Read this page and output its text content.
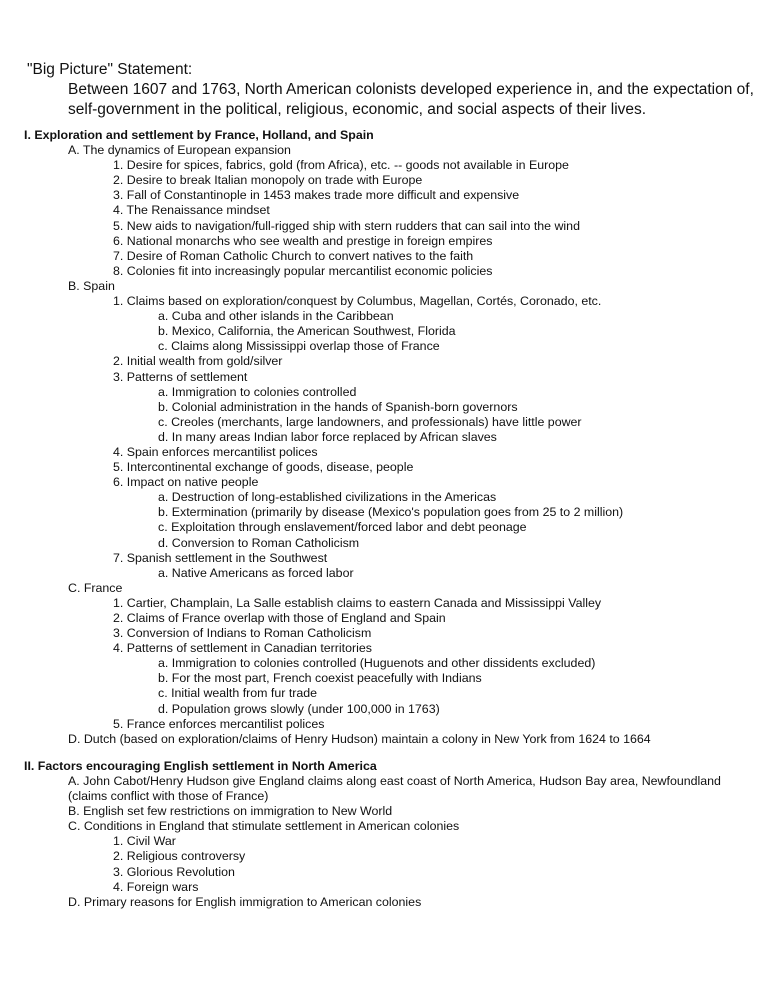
"Big Picture" Statement:
Between 1607 and 1763, North American colonists developed experience in, and the expectation of, self-government in the political, religious, economic, and social aspects of their lives.
I. Exploration and settlement by France, Holland, and Spain
A. The dynamics of European expansion
1. Desire for spices, fabrics, gold (from Africa), etc. -- goods not available in Europe
2. Desire to break Italian monopoly on trade with Europe
3. Fall of Constantinople in 1453 makes trade more difficult and expensive
4. The Renaissance mindset
5. New aids to navigation/full-rigged ship with stern rudders that can sail into the wind
6. National monarchs who see wealth and prestige in foreign empires
7. Desire of Roman Catholic Church to convert natives to the faith
8. Colonies fit into increasingly popular mercantilist economic policies
B. Spain
1. Claims based on exploration/conquest by Columbus, Magellan, Cortés, Coronado, etc.
a. Cuba and other islands in the Caribbean
b. Mexico, California, the American Southwest, Florida
c. Claims along Mississippi overlap those of France
2. Initial wealth from gold/silver
3. Patterns of settlement
a. Immigration to colonies controlled
b. Colonial administration in the hands of Spanish-born governors
c. Creoles (merchants, large landowners, and professionals) have little power
d. In many areas Indian labor force replaced by African slaves
4. Spain enforces mercantilist polices
5. Intercontinental exchange of goods, disease, people
6. Impact on native people
a. Destruction of long-established civilizations in the Americas
b. Extermination (primarily by disease (Mexico's population goes from 25 to 2 million)
c. Exploitation through enslavement/forced labor and debt peonage
d. Conversion to Roman Catholicism
7. Spanish settlement in the Southwest
a. Native Americans as forced labor
C. France
1. Cartier, Champlain, La Salle establish claims to eastern Canada and Mississippi Valley
2. Claims of France overlap with those of England and Spain
3. Conversion of Indians to Roman Catholicism
4. Patterns of settlement in Canadian territories
a. Immigration to colonies controlled (Huguenots and other dissidents excluded)
b. For the most part, French coexist peacefully with Indians
c. Initial wealth from fur trade
d. Population grows slowly (under 100,000 in 1763)
5. France enforces mercantilist polices
D. Dutch (based on exploration/claims of Henry Hudson) maintain a colony in New York from 1624 to 1664
II. Factors encouraging English settlement in North America
A. John Cabot/Henry Hudson give England claims along east coast of North America, Hudson Bay area, Newfoundland (claims conflict with those of France)
B. English set few restrictions on immigration to New World
C. Conditions in England that stimulate settlement in American colonies
1. Civil War
2. Religious controversy
3. Glorious Revolution
4. Foreign wars
D. Primary reasons for English immigration to American colonies
